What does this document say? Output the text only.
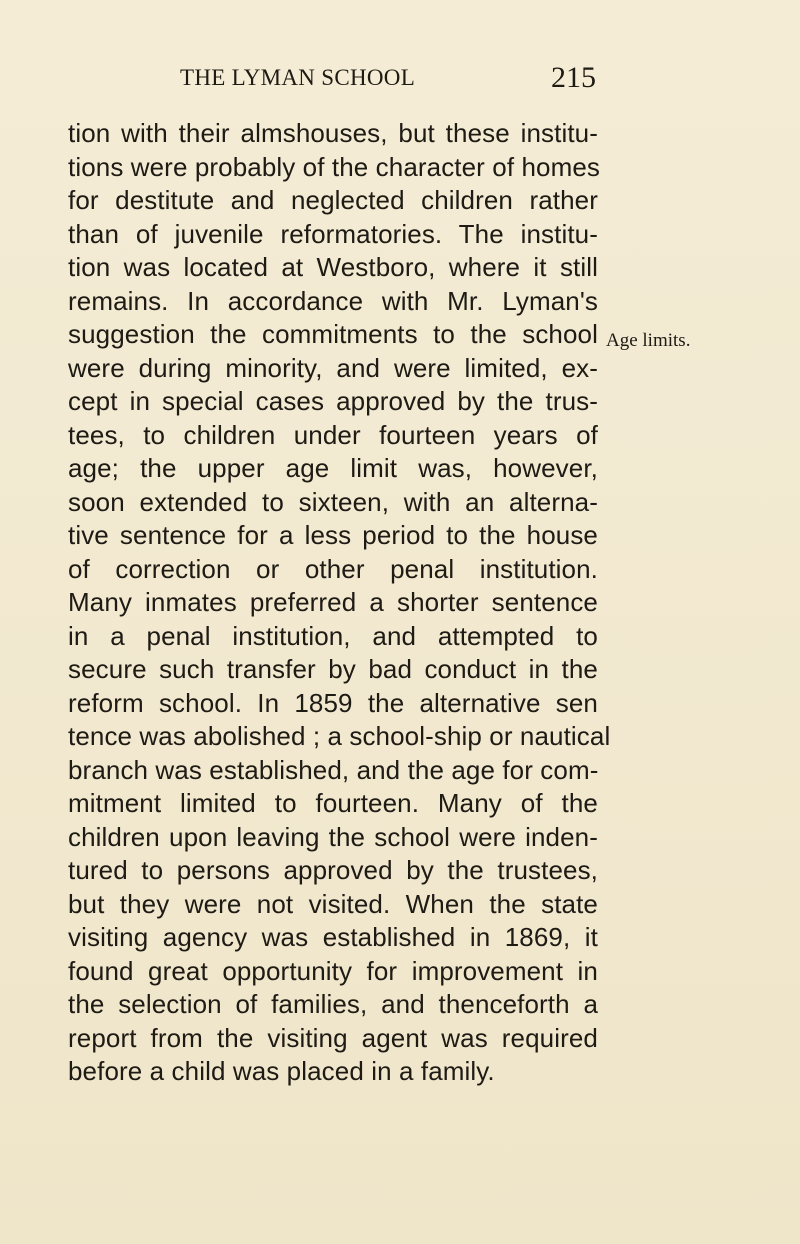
THE LYMAN SCHOOL	215
tion with their almshouses, but these institu-
tions were probably of the character of homes
for destitute and neglected children rather
than of juvenile reformatories. The institu-
tion was located at Westboro, where it still
remains. In accordance with Mr. Lyman's
suggestion the commitments to the school
were during minority, and were limited, ex-
cept in special cases approved by the trus-
tees, to children under fourteen years of
age; the upper age limit was, however,
soon extended to sixteen, with an alterna-
tive sentence for a less period to the house
of correction or other penal institution.
Many inmates preferred a shorter sentence
in a penal institution, and attempted to
secure such transfer by bad conduct in the
reform school. In 1859 the alternative sen
tence was abolished ; a school-ship or nautical
branch was established, and the age for com-
mitment limited to fourteen. Many of the
children upon leaving the school were inden-
tured to persons approved by the trustees,
but they were not visited. When the state
visiting agency was established in 1869, it
found great opportunity for improvement in
the selection of families, and thenceforth a
report from the visiting agent was required
before a child was placed in a family.
Age limits.
